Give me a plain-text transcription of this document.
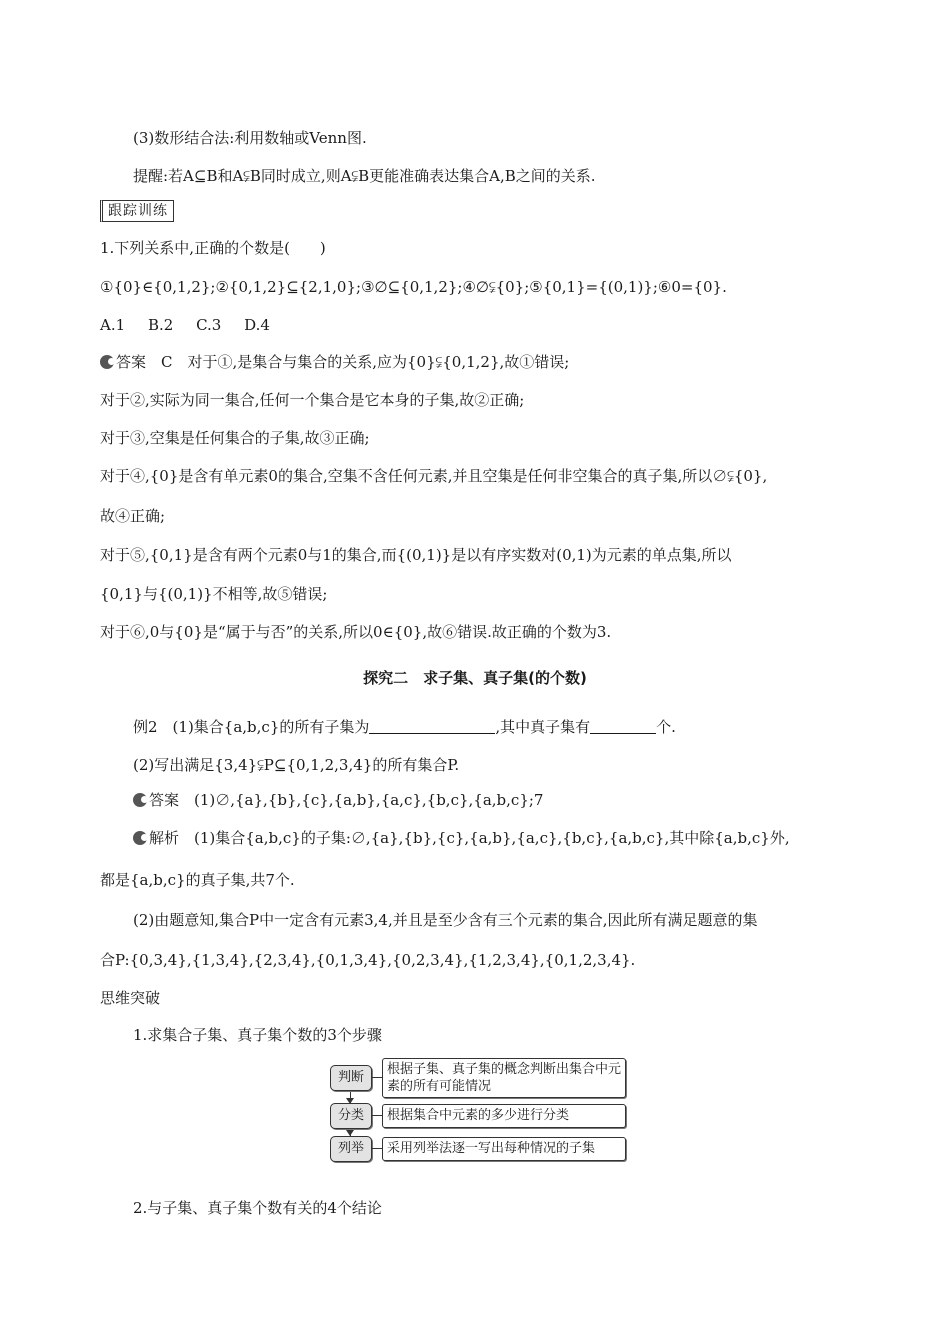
(3)数形结合法:利用数轴或Venn图.
提醒:若A⊆B和A⫋B同时成立,则A⫋B更能准确表达集合A,B之间的关系.
跟踪训练
1.下列关系中,正确的个数是(　　)
①{0}∈{0,1,2};②{0,1,2}⊆{2,1,0};③∅⊆{0,1,2};④∅⫋{0};⑤{0,1}={(0,1)};⑥0={0}.
A.1 B.2 C.3 D.4
答案　C　对于①,是集合与集合的关系,应为{0}⫋{0,1,2},故①错误;
对于②,实际为同一集合,任何一个集合是它本身的子集,故②正确;
对于③,空集是任何集合的子集,故③正确;
对于④,{0}是含有单元素0的集合,空集不含任何元素,并且空集是任何非空集合的真子集,所以∅⫋{0},
故④正确;
对于⑤,{0,1}是含有两个元素0与1的集合,而{(0,1)}是以有序实数对(0,1)为元素的单点集,所以
{0,1}与{(0,1)}不相等,故⑤错误;
对于⑥,0与{0}是“属于与否”的关系,所以0∈{0},故⑥错误.故正确的个数为3.
探究二　求子集、真子集(的个数)
例2　(1)集合{a,b,c}的所有子集为	,其中真子集有	个.
(2)写出满足{3,4}⫋P⊆{0,1,2,3,4}的所有集合P.
答案　(1)∅,{a},{b},{c},{a,b},{a,c},{b,c},{a,b,c};7
解析　(1)集合{a,b,c}的子集:∅,{a},{b},{c},{a,b},{a,c},{b,c},{a,b,c},其中除{a,b,c}外,
都是{a,b,c}的真子集,共7个.
(2)由题意知,集合P中一定含有元素3,4,并且是至少含有三个元素的集合,因此所有满足题意的集
合P:{0,3,4},{1,3,4},{2,3,4},{0,1,3,4},{0,2,3,4},{1,2,3,4},{0,1,2,3,4}.
思维突破
1.求集合子集、真子集个数的3个步骤
判断
根据子集、真子集的概念判断出集合中元素的所有可能情况
分类	根据集合中元素的多少进行分类
列举	采用列举法逐一写出每种情况的子集
2.与子集、真子集个数有关的4个结论
